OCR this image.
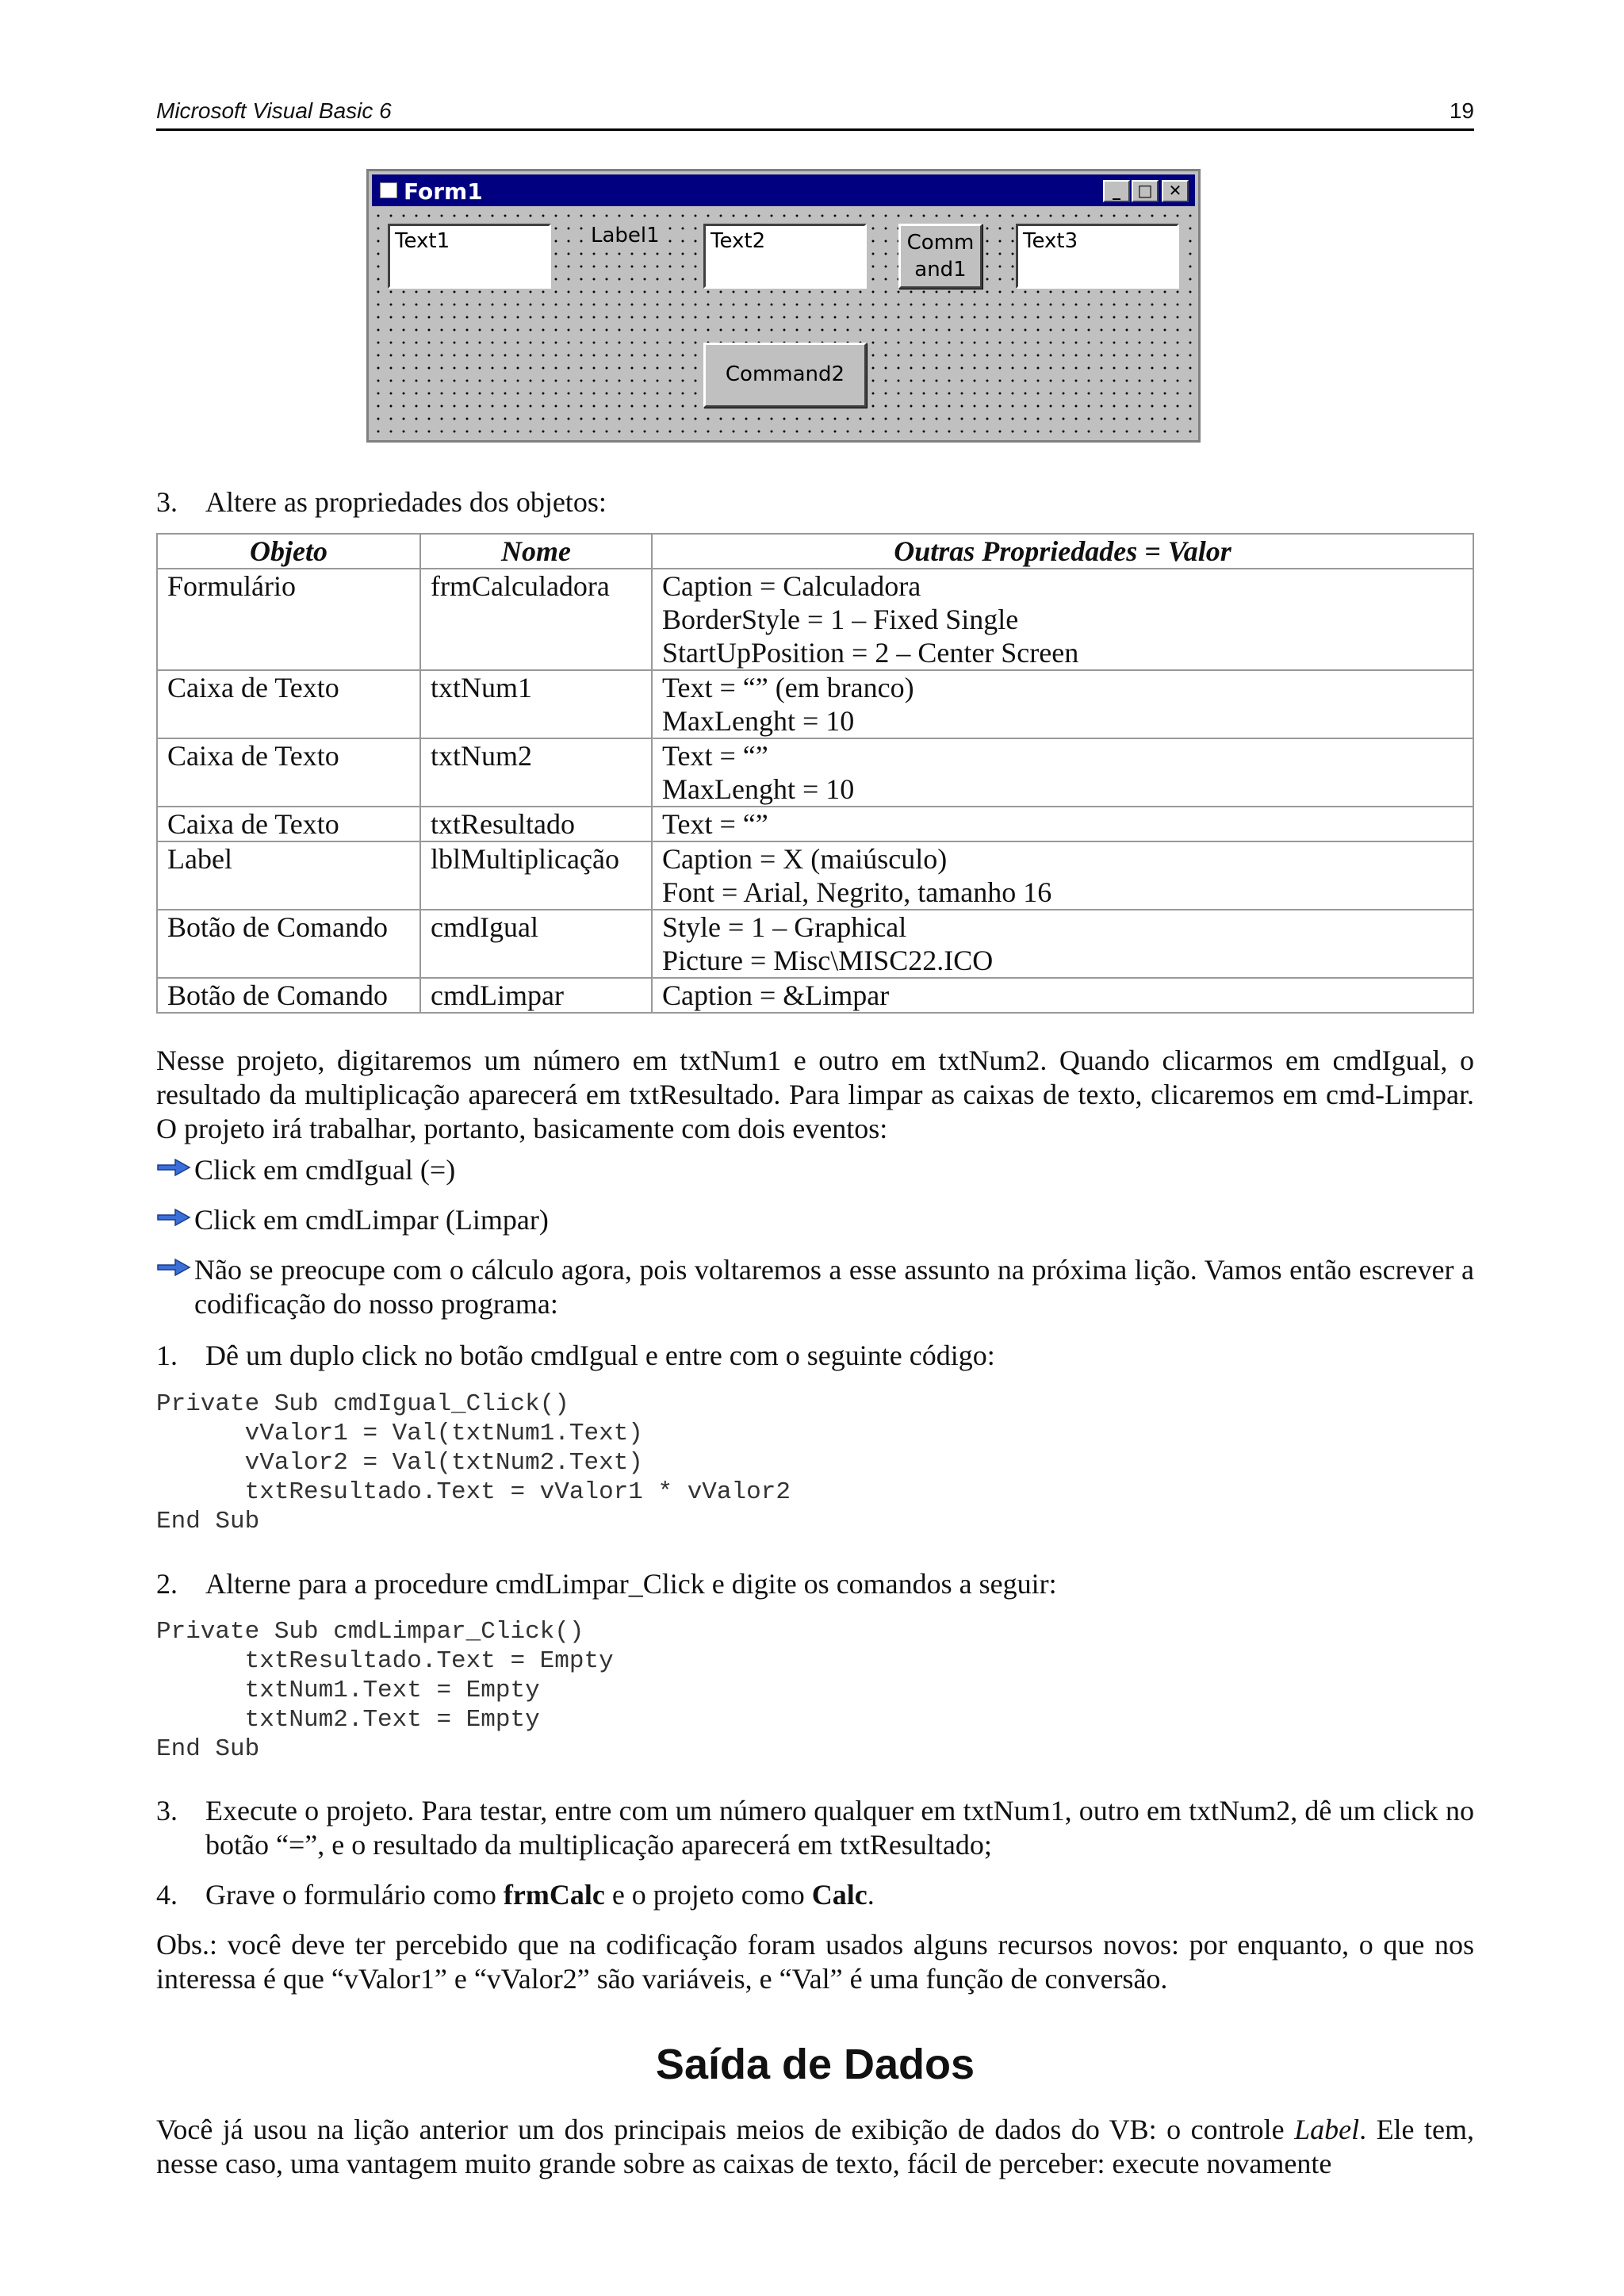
Microsoft Visual Basic 6	19
Form1	_	□	✕
Text1	Label1	Text2	Comm
and1
Text3
Command2
3. Altere as propriedades dos objetos:
Objeto	Nome	Outras Propriedades = Valor
Formulário	frmCalculadora	Caption = Calculadora
BorderStyle = 1 – Fixed Single
StartUpPosition = 2 – Center Screen

Caixa de Texto	txtNum1	Text = “” (em branco)
MaxLenght = 10

Caixa de Texto	txtNum2	Text = “”
MaxLenght = 10

Caixa de Texto	txtResultado	Text = “”

Label	lblMultiplicação	Caption = X (maiúsculo)
Font = Arial, Negrito, tamanho 16

Botão de Comando	cmdIgual	Style = 1 – Graphical
Picture = Misc\MISC22.ICO

Botão de Comando	cmdLimpar	Caption = &Limpar
Nesse projeto, digitaremos um número em txtNum1 e outro em txtNum2. Quando clicarmos em cmdIgual, o resultado da multiplicação aparecerá em txtResultado. Para limpar as caixas de texto, clicaremos em cmd-Limpar. O projeto irá trabalhar, portanto, basicamente com dois eventos:
Click em cmdIgual (=)
Click em cmdLimpar (Limpar)
Não se preocupe com o cálculo agora, pois voltaremos a esse assunto na próxima lição. Vamos então escrever a codificação do nosso programa:
1. Dê um duplo click no botão cmdIgual e entre com o seguinte código:
Private Sub cmdIgual_Click()
vValor1 = Val(txtNum1.Text)
vValor2 = Val(txtNum2.Text)
txtResultado.Text = vValor1 * vValor2
End Sub
2. Alterne para a procedure cmdLimpar_Click e digite os comandos a seguir:
Private Sub cmdLimpar_Click()
txtResultado.Text = Empty
txtNum1.Text = Empty
txtNum2.Text = Empty
End Sub
3. Execute o projeto. Para testar, entre com um número qualquer em txtNum1, outro em txtNum2, dê um click no botão “=”, e o resultado da multiplicação aparecerá em txtResultado;
4. Grave o formulário como frmCalc e o projeto como Calc.
Obs.: você deve ter percebido que na codificação foram usados alguns recursos novos: por enquanto, o que nos interessa é que “vValor1” e “vValor2” são variáveis, e “Val” é uma função de conversão.
Saída de Dados
Você já usou na lição anterior um dos principais meios de exibição de dados do VB: o controle Label. Ele tem, nesse caso, uma vantagem muito grande sobre as caixas de texto, fácil de perceber: execute novamente
